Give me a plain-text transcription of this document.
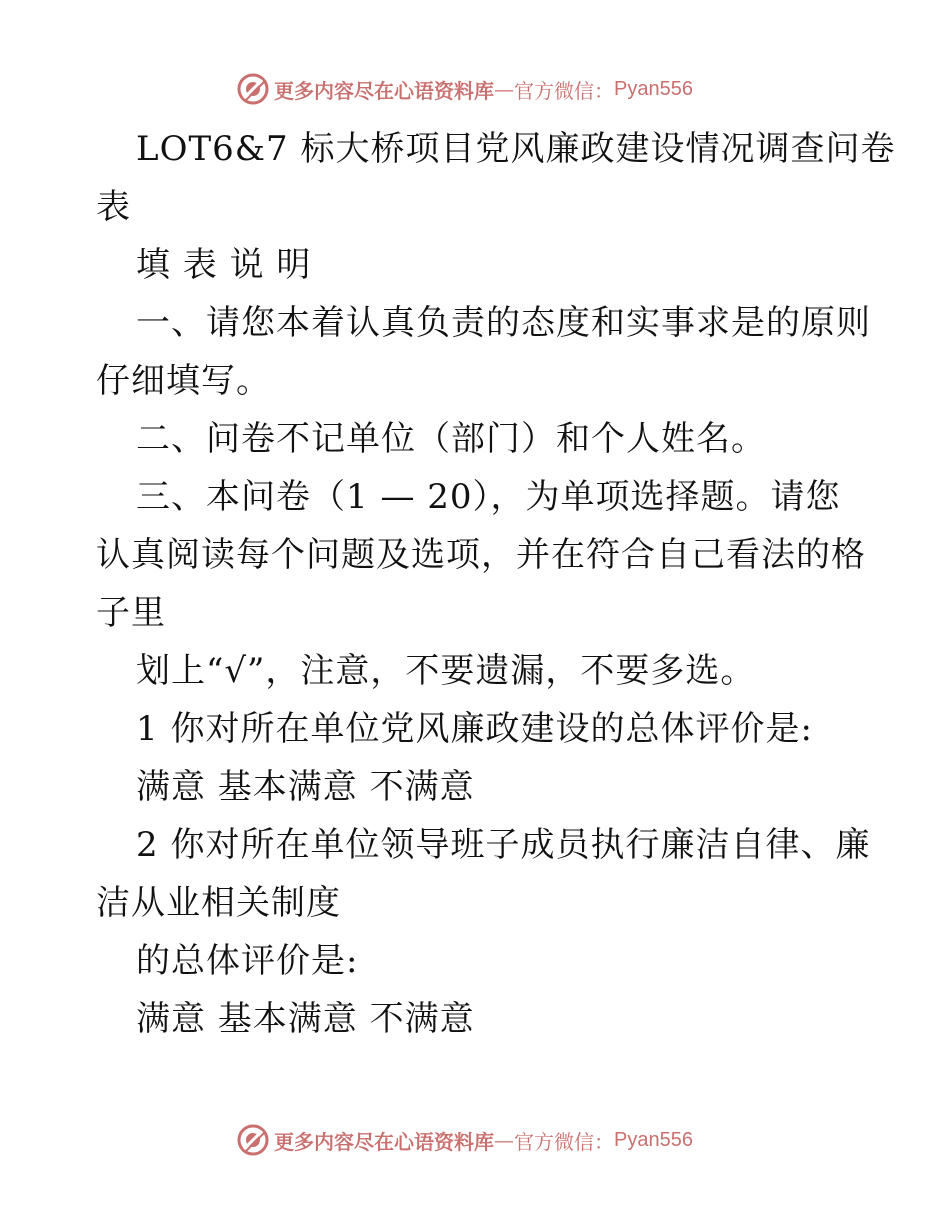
更多内容尽在心语资料库 — 官方微信： Pyan556
LOT6&7 标大桥项目党风廉政建设情况调查问卷
表
填 表 说 明
一、请您本着认真负责的态度和实事求是的原则
仔细填写。
二、问卷不记单位（部门）和个人姓名。
三、本问卷（1 — 20），为单项选择题。请您
认真阅读每个问题及选项，并在符合自己看法的格
子里
划上“√”，注意，不要遗漏，不要多选。
1 你对所在单位党风廉政建设的总体评价是:
满意 基本满意 不满意
2 你对所在单位领导班子成员执行廉洁自律、廉
洁从业相关制度
的总体评价是:
满意 基本满意 不满意
更多内容尽在心语资料库 — 官方微信： Pyan556
